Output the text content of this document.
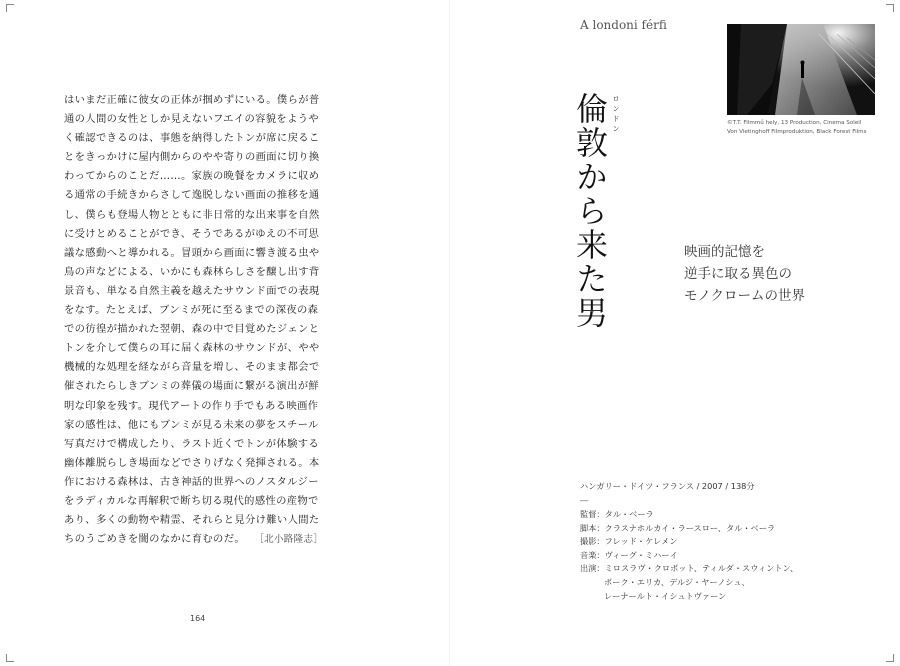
はいまだ正確に彼女の正体が掴めずにいる。僕らが普
通の人間の女性としか見えないフエイの容貌をようや
く確認できるのは、事態を納得したトンが席に戻るこ
とをきっかけに屋内側からのやや寄りの画面に切り換
わってからのことだ……。家族の晩餐をカメラに収め
る通常の手続きからさして逸脱しない画面の推移を通
し、僕らも登場人物とともに非日常的な出来事を自然
に受けとめることができ、そうであるがゆえの不可思
議な感動へと導かれる。冒頭から画面に響き渡る虫や
鳥の声などによる、いかにも森林らしさを醸し出す背
景音も、単なる自然主義を越えたサウンド面での表現
をなす。たとえば、ブンミが死に至るまでの深夜の森
での彷徨が描かれた翌朝、森の中で目覚めたジェンと
トンを介して僕らの耳に届く森林のサウンドが、やや
機械的な処理を経ながら音量を増し、そのまま都会で
催されたらしきブンミの葬儀の場面に繋がる演出が鮮
明な印象を残す。現代アートの作り手でもある映画作
家の感性は、他にもブンミが見る未来の夢をスチール
写真だけで構成したり、ラスト近くでトンが体験する
幽体離脱らしき場面などでさりげなく発揮される。本
作における森林は、古き神話的世界へのノスタルジー
をラディカルな再解釈で断ち切る現代的感性の産物で
あり、多くの動物や精霊、それらと見分け難い人間た
ちのうごめきを闇のなかに育むのだ。 ［北小路隆志］
164
A londoni férfi
©T.T. Filmmű hely, 13 Production, Cinema Soleil
Von Vietinghoff Filmproduktion, Black Forest Films
ロンドン
倫敦から来た男	映画的記憶を
逆手に取る異色の
モノクロームの世界
ハンガリー・ドイツ・フランス / 2007 / 138分
―
監督：タル・ベーラ
脚本：クラスナホルカイ・ラースロー、タル・ベーラ
撮影：フレッド・ケレメン
音楽：ヴィーグ・ミハーイ
出演：ミロスラヴ・クロボット、ティルダ・スウィントン、
ボーク・エリカ、デルジ・ヤーノシュ、
レーナールト・イシュトヴァーン
